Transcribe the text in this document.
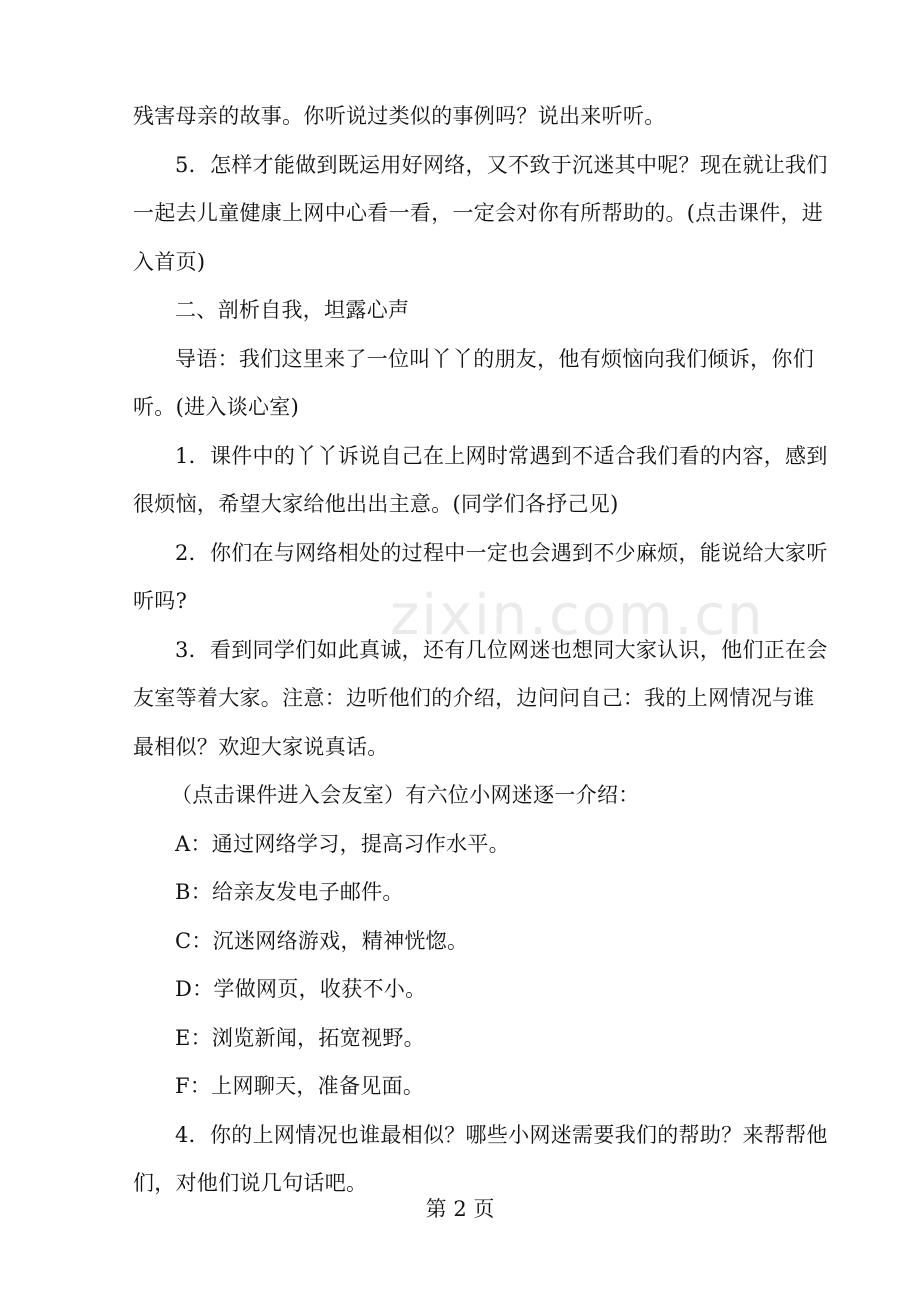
zixin.com.cn
残害母亲的故事。你听说过类似的事例吗？说出来听听。
5．怎样才能做到既运用好网络，又不致于沉迷其中呢？现在就让我们
一起去儿童健康上网中心看一看，一定会对你有所帮助的。(点击课件，进
入首页)
二、剖析自我，坦露心声
导语：我们这里来了一位叫丫丫的朋友，他有烦恼向我们倾诉，你们
听。(进入谈心室)
1．课件中的丫丫诉说自己在上网时常遇到不适合我们看的内容，感到
很烦恼，希望大家给他出出主意。(同学们各抒己见)
2．你们在与网络相处的过程中一定也会遇到不少麻烦，能说给大家听
听吗?
3．看到同学们如此真诚，还有几位网迷也想同大家认识，他们正在会
友室等着大家。注意：边听他们的介绍，边问问自己：我的上网情况与谁
最相似？欢迎大家说真话。
（点击课件进入会友室）有六位小网迷逐一介绍：
A：通过网络学习，提高习作水平。
B：给亲友发电子邮件。
C：沉迷网络游戏，精神恍惚。
D：学做网页，收获不小。
E：浏览新闻，拓宽视野。
F：上网聊天，准备见面。
4．你的上网情况也谁最相似？哪些小网迷需要我们的帮助？来帮帮他
们，对他们说几句话吧。
第 2 页
